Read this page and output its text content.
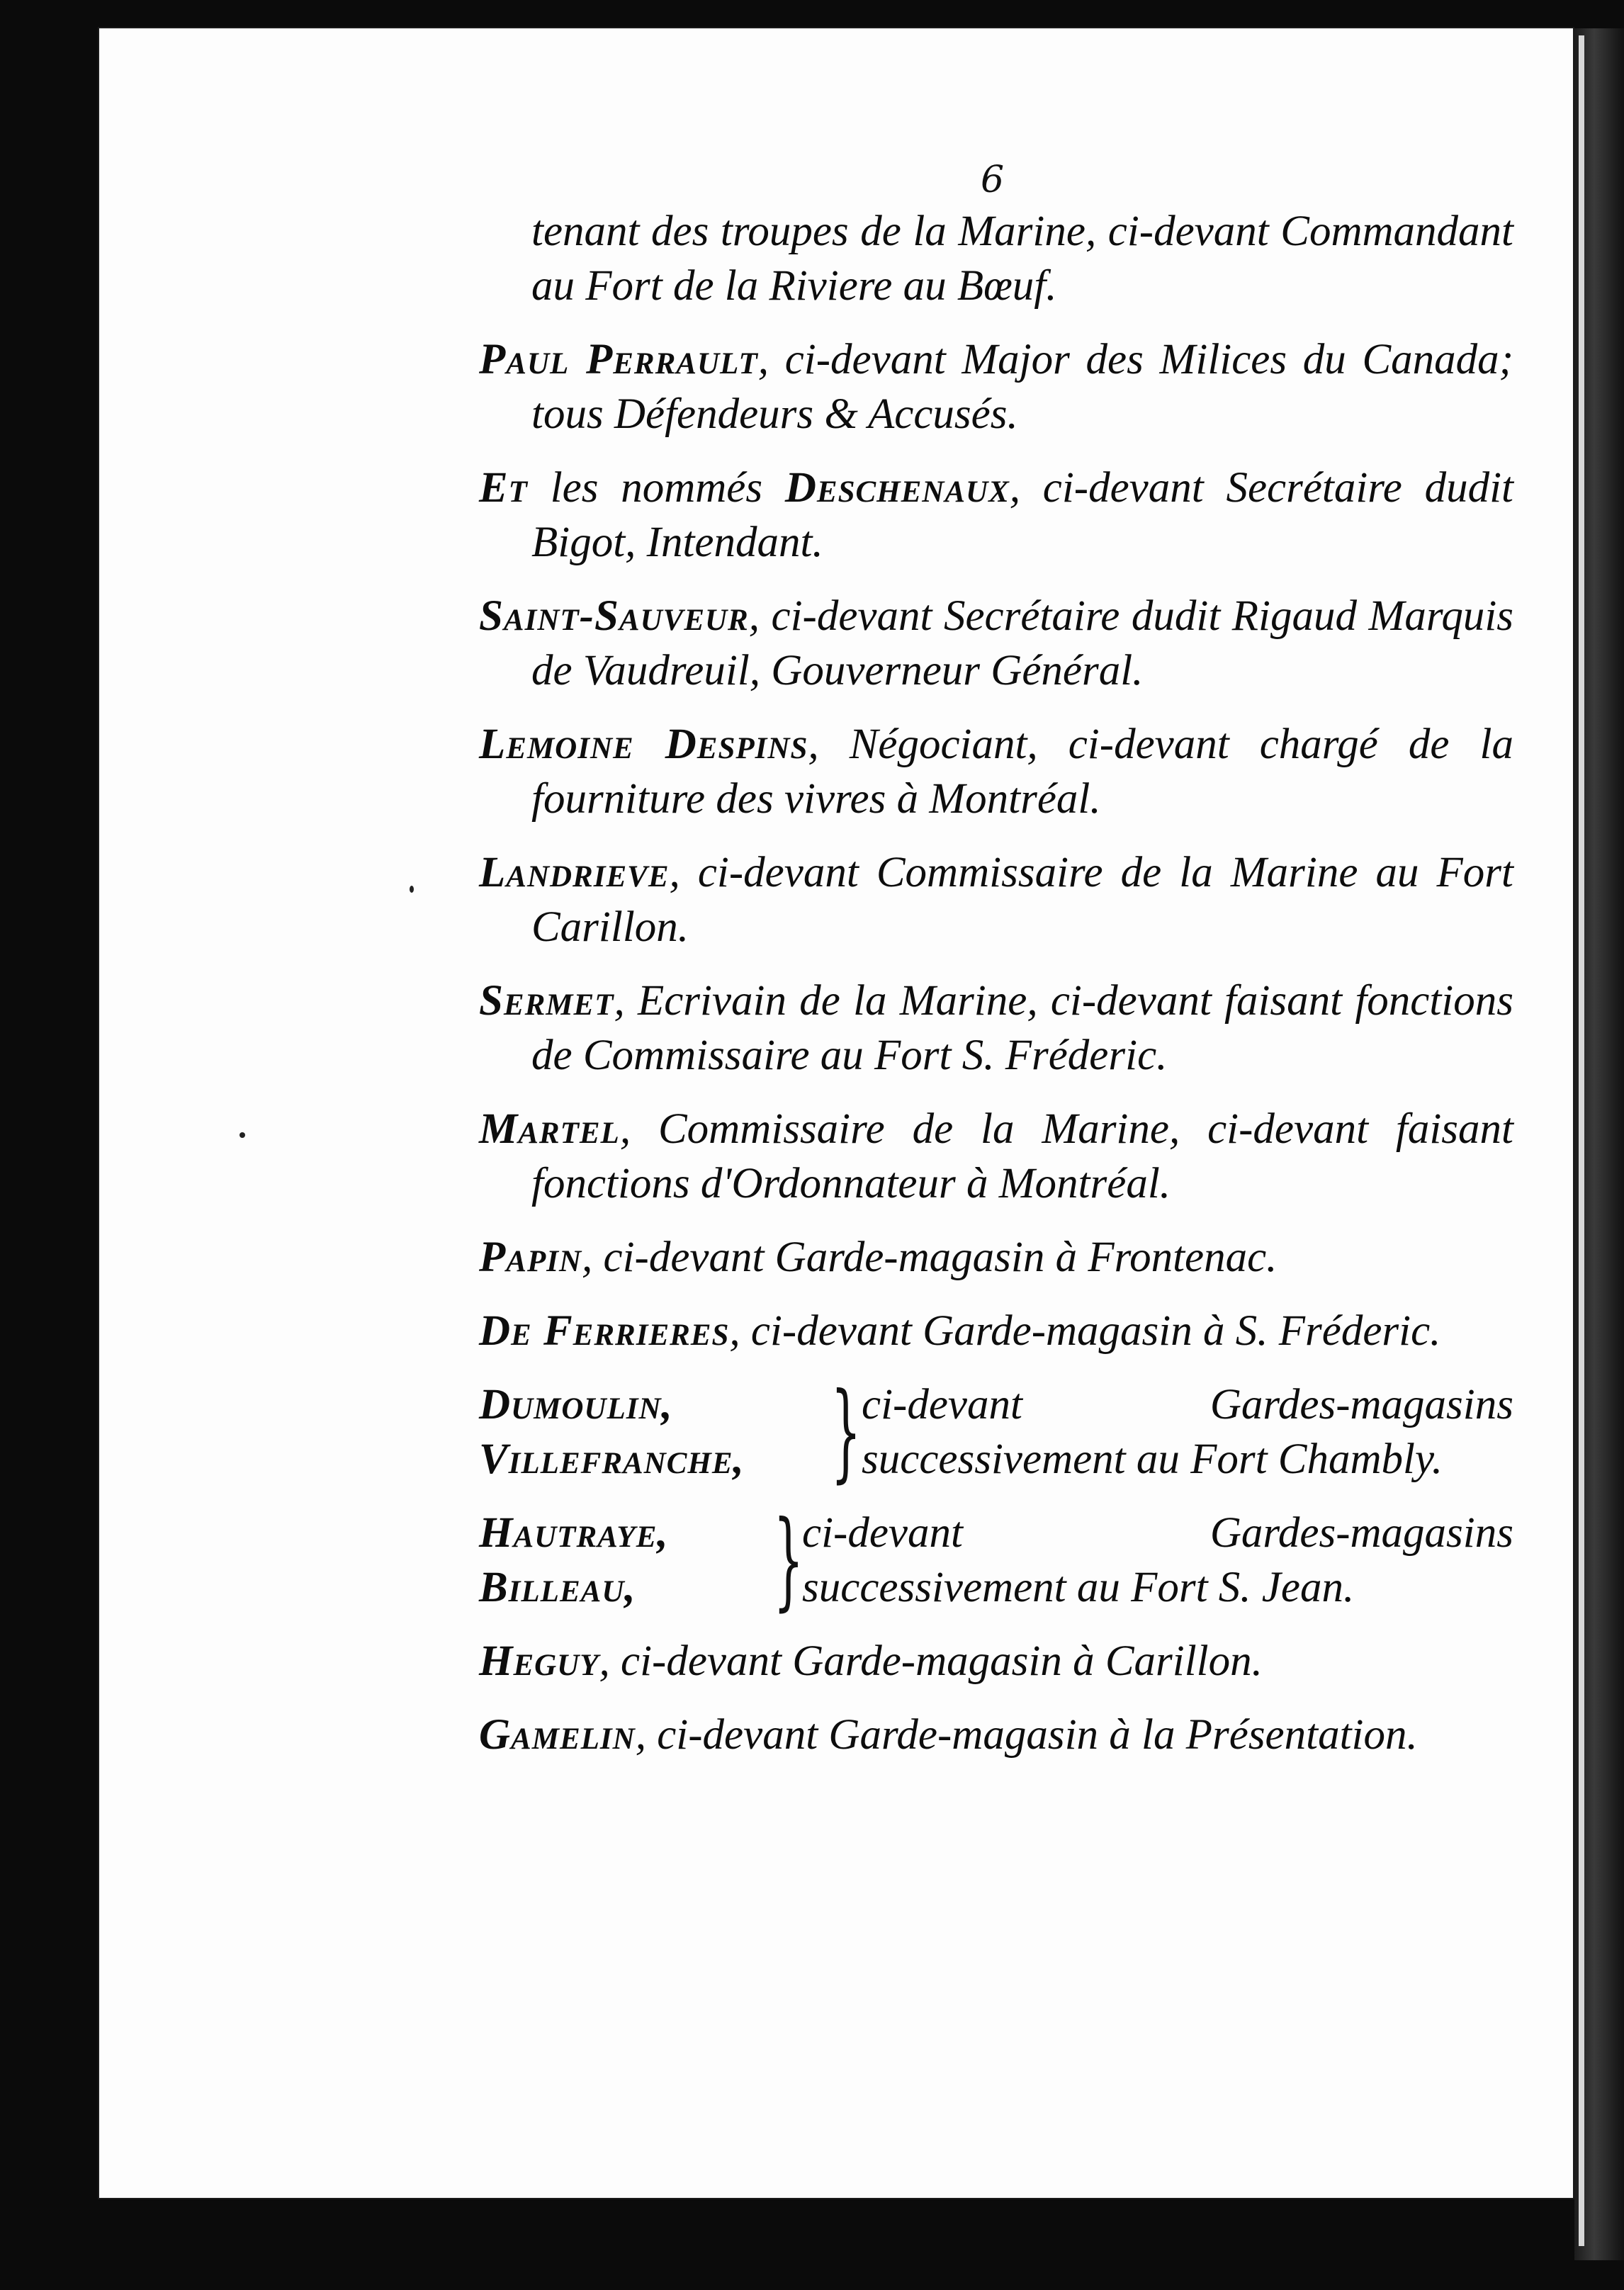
6

tenant des troupes de la Marine, ci-devant Commandant au Fort de la Riviere au Bœuf.

Paul Perrault, ci-devant Major des Milices du Canada; tous Défendeurs & Accusés.

Et les nommés Deschenaux, ci-devant Secrétaire dudit Bigot, Intendant.

Saint-Sauveur, ci-devant Secrétaire dudit Rigaud Marquis de Vaudreuil, Gouverneur Général.

Lemoine Despins, Négociant, ci-devant chargé de la fourniture des vivres à Montréal.

Landrieve, ci-devant Commissaire de la Marine au Fort Carillon.

Sermet, Ecrivain de la Marine, ci-devant faisant fonctions de Commissaire au Fort S. Fréderic.

Martel, Commissaire de la Marine, ci-devant faisant fonctions d'Ordonnateur à Montréal.

Papin, ci-devant Garde-magasin à Frontenac.

De Ferrieres, ci-devant Garde-magasin à S. Fréderic.

Dumoulin,
Villefranche, } ci-devant Gardes-magasins successivement au Fort Chambly.
Hautraye,
Billeau,	}
ci-devant Gardes-magasins successivement au Fort S. Jean.

Heguy, ci-devant Garde-magasin à Carillon.

Gamelin, ci-devant Garde-magasin à la Présentation.
